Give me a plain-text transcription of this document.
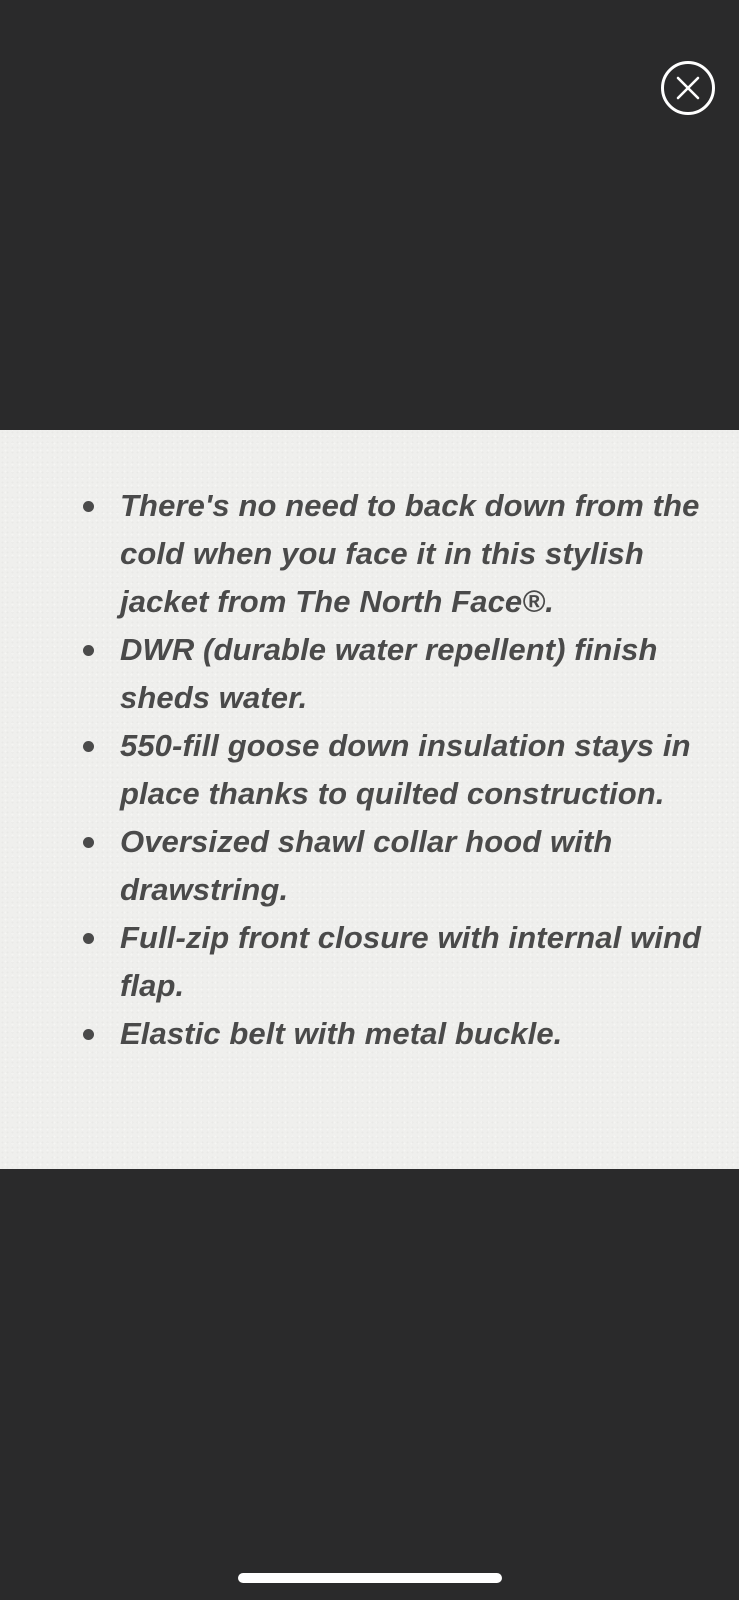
There's no need to back down from the cold when you face it in this stylish jacket from The North Face®.
DWR (durable water repellent) finish sheds water.
550-fill goose down insulation stays in place thanks to quilted construction.
Oversized shawl collar hood with drawstring.
Full-zip front closure with internal wind flap.
Elastic belt with metal buckle.
